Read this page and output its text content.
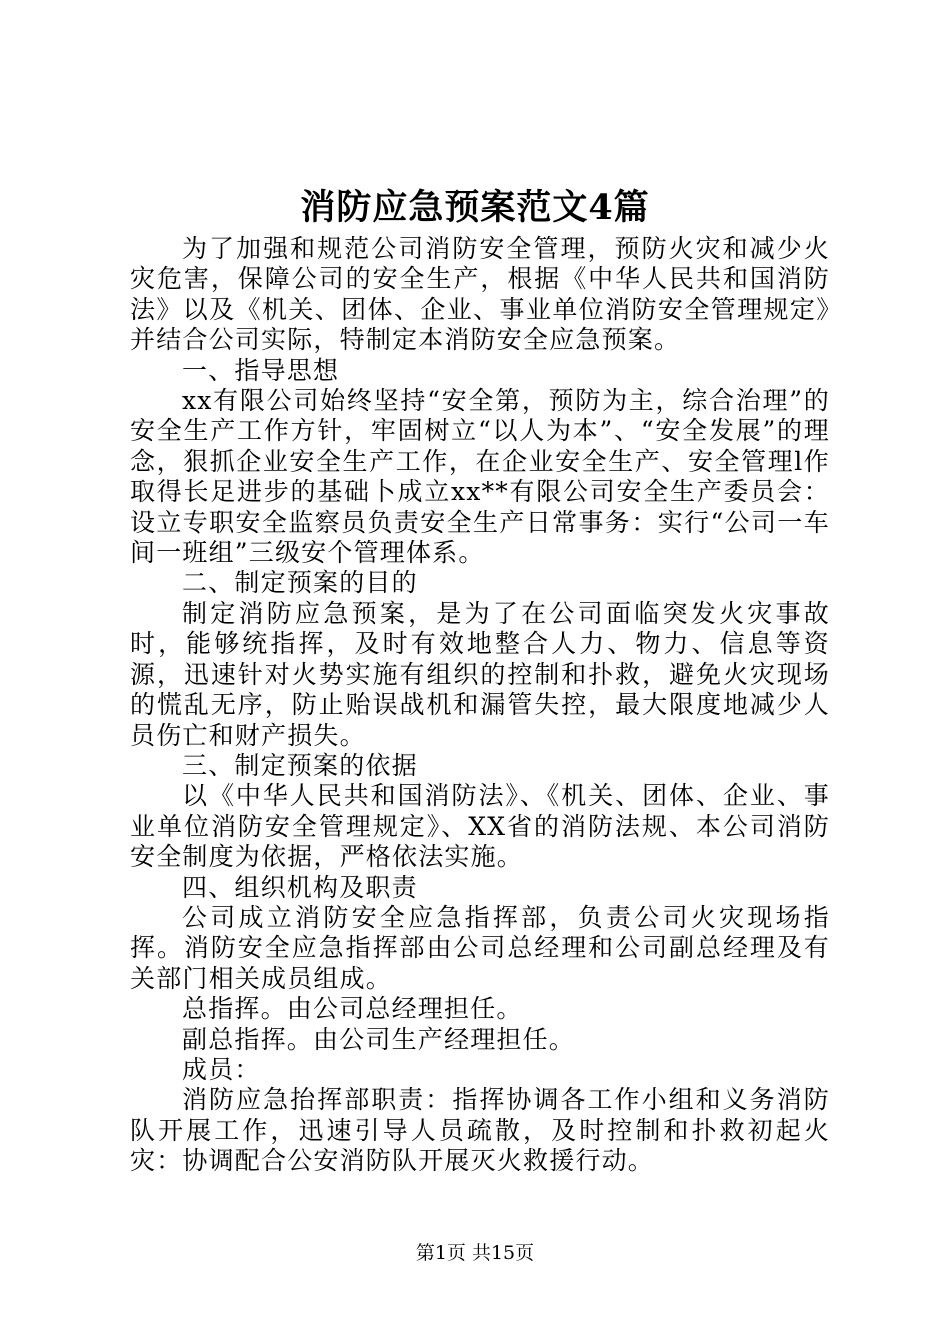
消防应急预案范文4篇

为了加强和规范公司消防安全管理，预防火灾和减少火灾危害，保障公司的安全生产，根据《中华人民共和国消防法》以及《机关、团体、企业、事业单位消防安全管理规定》并结合公司实际，特制定本消防安全应急预案。

一、指导思想

xx有限公司始终坚持“安全第，预防为主，综合治理”的安全生产工作方针，牢固树立“以人为本”、“安全发展”的理念，狠抓企业安全生产工作，在企业安全生产、安全管理l作取得长足进步的基础卜成立xx**有限公司安全生产委员会：设立专职安全监察员负责安全生产日常事务：实行“公司一车间一班组”三级安个管理体系。

二、制定预案的目的

制定消防应急预案，是为了在公司面临突发火灾事故时，能够统指挥，及时有效地整合人力、物力、信息等资源，迅速针对火势实施有组织的控制和扑救，避免火灾现场的慌乱无序，防止贻误战机和漏管失控，最大限度地减少人员伤亡和财产损失。

三、制定预案的依据

以《中华人民共和国消防法》、《机关、团体、企业、事业单位消防安全管理规定》、XX省的消防法规、本公司消防安全制度为依据，严格依法实施。

四、组织机构及职责

公司成立消防安全应急指挥部，负责公司火灾现场指挥。消防安全应急指挥部由公司总经理和公司副总经理及有关部门相关成员组成。

总指挥。由公司总经理担任。

副总指挥。由公司生产经理担任。

成员：

消防应急抬挥部职责：指挥协调各工作小组和义务消防队开展工作，迅速引导人员疏散，及时控制和扑救初起火灾：协调配合公安消防队开展灭火救援行动。

第1页 共15页
